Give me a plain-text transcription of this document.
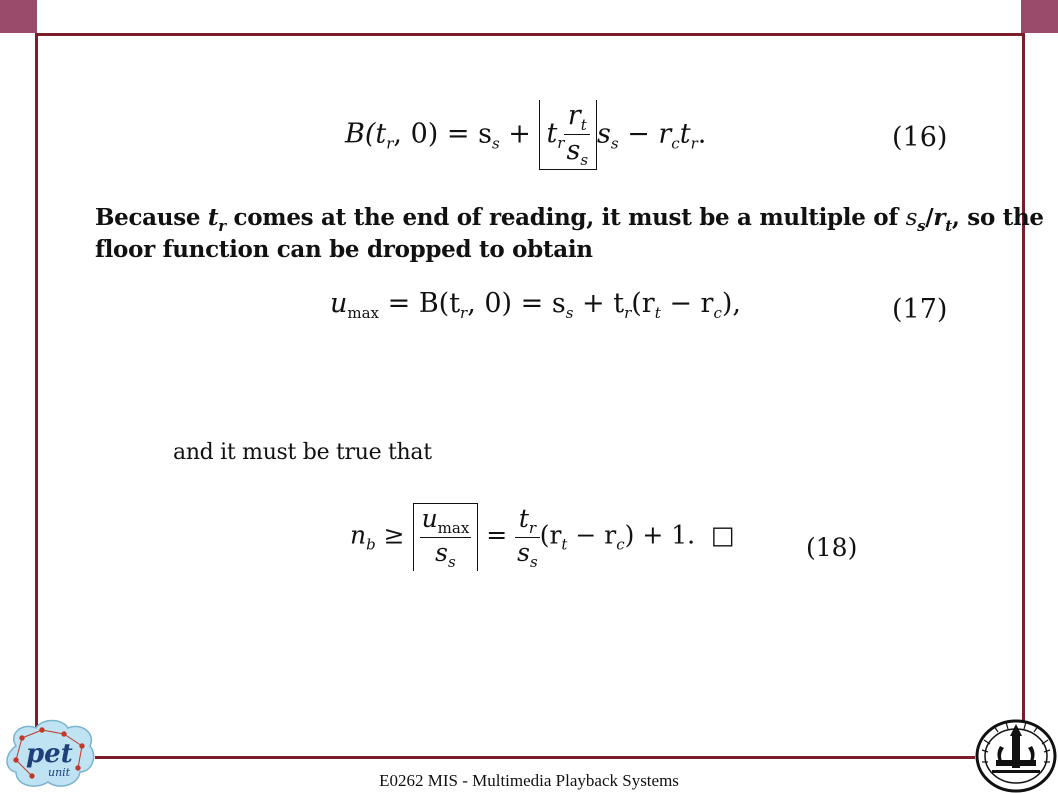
$B(t_r$, $0) = s_s + t_r \frac{r_t}{s_s} s_s - r_ct_r$.	(16)
Because $t_r$ comes at the end of reading, it must be a multiple of $s_s/r_t$, so the
floor function can be dropped to obtain
$u_{max} = B(t_r$, $0) = s_s + t_r(r_t - r_c)$,	(17)
and it must be true that
$n_b \ge \frac{u_{max}}{s_s} = \frac{t_r}{s_s} (r_t - r_c) + 1$. □	(18)
E0262 MIS - Multimedia Playback Systems
pet
unit
